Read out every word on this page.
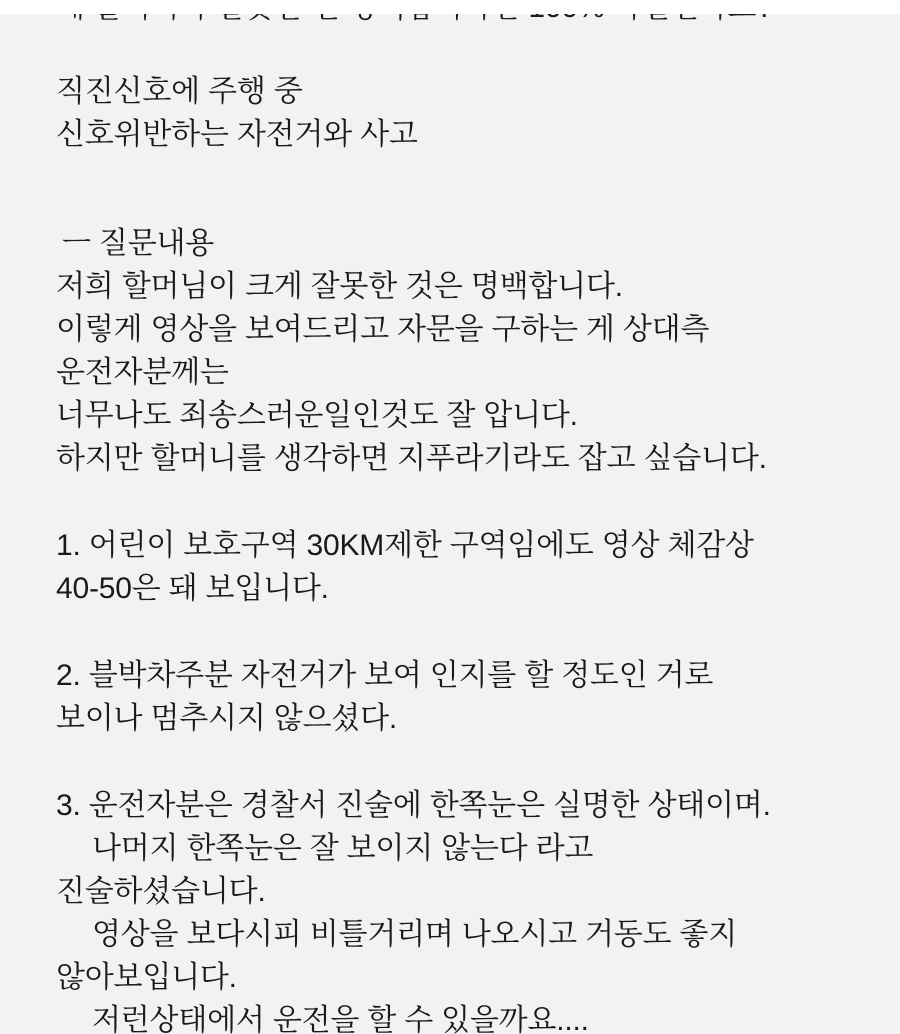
직진신호에 주행 중
신호위반하는 자전거와 사고
ㅡ 질문내용
저희 할머님이 크게 잘못한 것은 명백합니다.
이렇게 영상을 보여드리고 자문을 구하는 게 상대측
운전자분께는
너무나도 죄송스러운일인것도 잘 압니다.
하지만 할머니를 생각하면 지푸라기라도 잡고 싶습니다.
1. 어린이 보호구역 30KM제한 구역임에도 영상 체감상
40-50은 돼 보입니다.
2. 블박차주분 자전거가 보여 인지를 할 정도인 거로
보이나 멈추시지 않으셨다.
3. 운전자분은 경찰서 진술에 한쪽눈은 실명한 상태이며.
나머지 한쪽눈은 잘 보이지 않는다 라고
진술하셨습니다.
영상을 보다시피 비틀거리며 나오시고 거동도 좋지
않아보입니다.
저런상태에서 운전을 할 수 있을까요....
